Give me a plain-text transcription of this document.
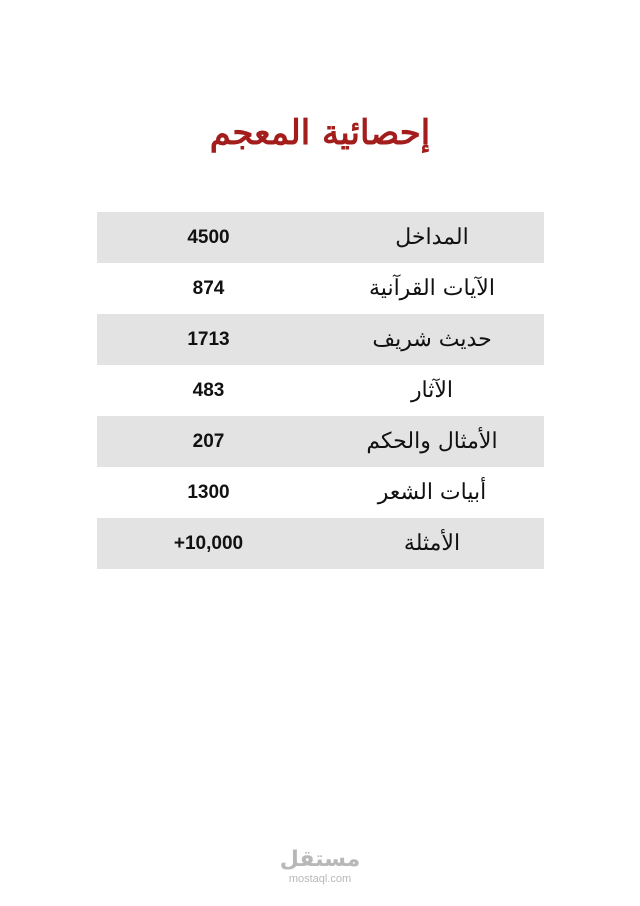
إحصائية المعجم
المداخل
4500
الآيات القرآنية
874
حديث شريف
1713
الآثار
483
الأمثال والحكم
207
أبيات الشعر
1300
الأمثلة
+10,000
مستقل
mostaql.com
